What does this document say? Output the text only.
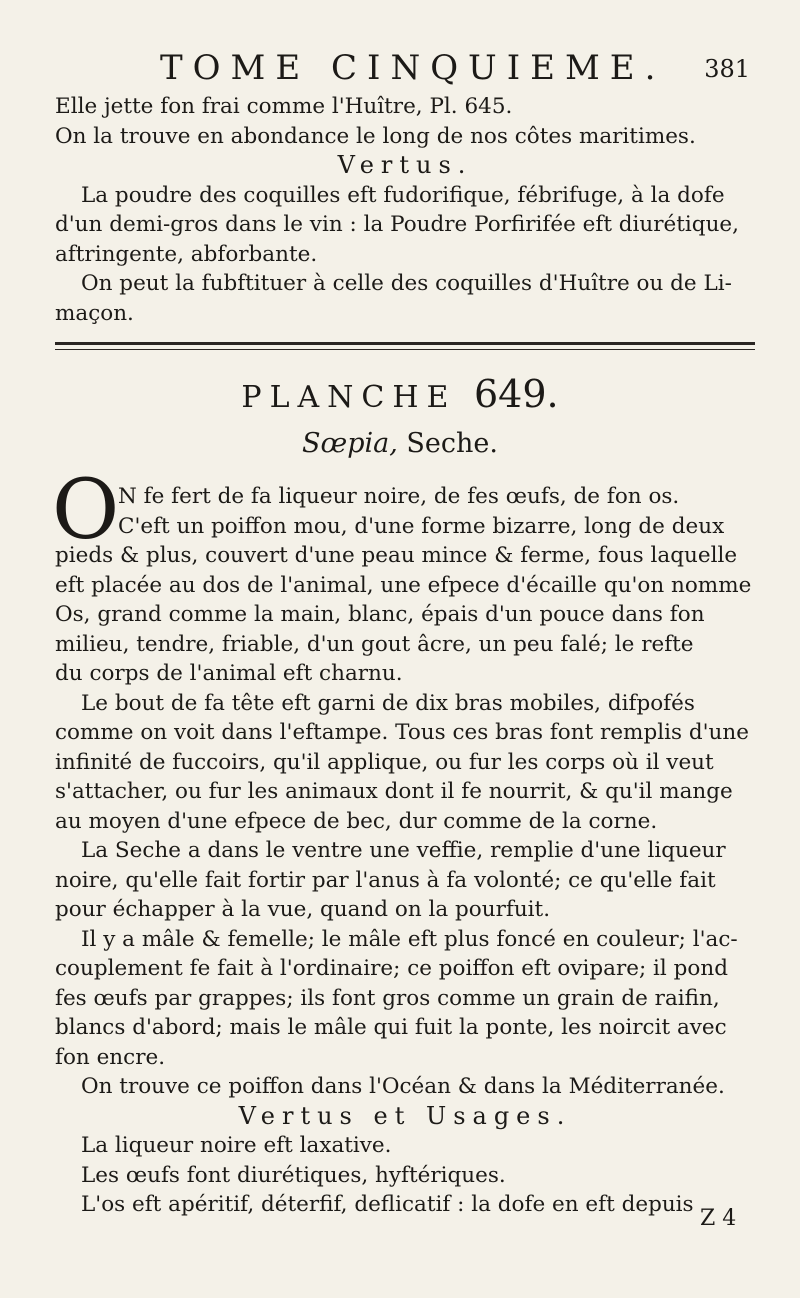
TOME CINQUIEME. 381
Elle jette fon frai comme l'Huître, Pl. 645.
On la trouve en abondance le long de nos côtes maritimes.
Vertus.
La poudre des coquilles eft fudorifique, fébrifuge, à la dofe
d'un demi-gros dans le vin : la Poudre Porfirifée eft diurétique,
aftringente, abforbante.
On peut la fubftituer à celle des coquilles d'Huître ou de Li-
maçon.
PLANCHE 649.
Sœpia, Seche.
O
N fe fert de fa liqueur noire, de fes œufs, de fon os.
C'eft un poiffon mou, d'une forme bizarre, long de deux
pieds & plus, couvert d'une peau mince & ferme, fous laquelle
eft placée au dos de l'animal, une efpece d'écaille qu'on nomme
Os, grand comme la main, blanc, épais d'un pouce dans fon
milieu, tendre, friable, d'un gout âcre, un peu falé; le refte
du corps de l'animal eft charnu.
Le bout de fa tête eft garni de dix bras mobiles, difpofés
comme on voit dans l'eftampe. Tous ces bras font remplis d'une
infinité de fuccoirs, qu'il applique, ou fur les corps où il veut
s'attacher, ou fur les animaux dont il fe nourrit, & qu'il mange
au moyen d'une efpece de bec, dur comme de la corne.
La Seche a dans le ventre une veffie, remplie d'une liqueur
noire, qu'elle fait fortir par l'anus à fa volonté; ce qu'elle fait
pour échapper à la vue, quand on la pourfuit.
Il y a mâle & femelle; le mâle eft plus foncé en couleur; l'ac-
couplement fe fait à l'ordinaire; ce poiffon eft ovipare; il pond
fes œufs par grappes; ils font gros comme un grain de raifin,
blancs d'abord; mais le mâle qui fuit la ponte, les noircit avec
fon encre.
On trouve ce poiffon dans l'Océan & dans la Méditerranée.
Vertus et Usages.
La liqueur noire eft laxative.
Les œufs font diurétiques, hyftériques.
L'os eft apéritif, déterfif, deflicatif : la dofe en eft depuis
Z 4
